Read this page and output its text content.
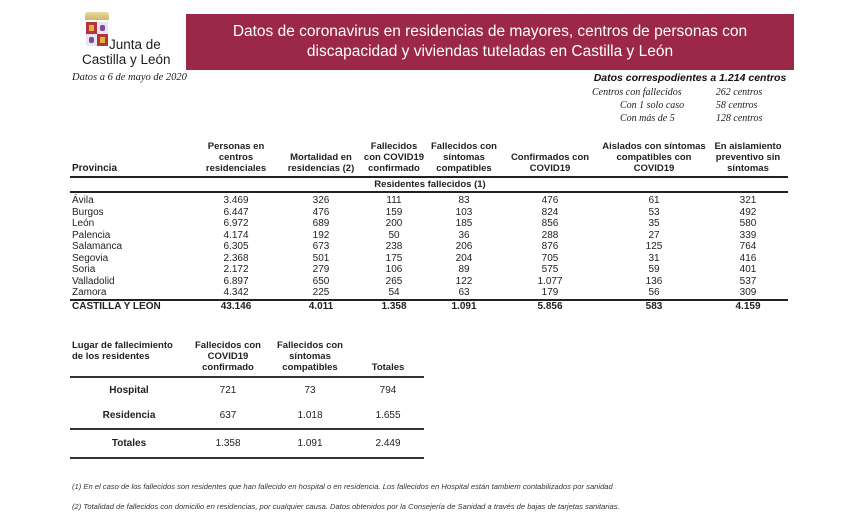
Junta de
Castilla y León
Datos a 6 de mayo de 2020
Datos de coronavirus en residencias de mayores, centros de personas con discapacidad y viviendas tuteladas en Castilla y León
Datos correspodientes a 1.214 centros
Centros con fallecidos	262 centros
Con 1 solo caso	58 centros
Con más de 5	128 centros
Provincia	Personas en centros residenciales	Mortalidad en residencias (2)	Fallecidos con COVID19 confirmado	Fallecidos con síntomas compatibles	Confirmados con COVID19	Aislados con síntomas compatibles con COVID19	En aislamiento preventivo sin síntomas
			Residentes fallecidos (1)				
Ávila	3.469	326	111	83	476	61	321
Burgos	6.447	476	159	103	824	53	492
León	6.972	689	200	185	856	35	580
Palencia	4.174	192	50	36	288	27	339
Salamanca	6.305	673	238	206	876	125	764
Segovia	2.368	501	175	204	705	31	416
Soria	2.172	279	106	89	575	59	401
Valladolid	6.897	650	265	122	1.077	136	537
Zamora	4.342	225	54	63	179	56	309
CASTILLA Y LEÓN	43.146	4.011	1.358	1.091	5.856	583	4.159
Lugar de fallecimiento de los residentes	Fallecidos con COVID19 confirmado	Fallecidos con síntomas compatibles	Totales
Hospital	721	73	794
Residencia	637	1.018	1.655
Totales	1.358	1.091	2.449
(1) En el caso de los fallecidos son residentes que han fallecido en hospital o en residencia. Los fallecidos en Hospital están tambiem contabilizados por sanidad
(2) Totalidad de fallecidos con domicilio en residencias, por cualquier causa. Datos obtenidos por la Consejería de Sanidad a través de bajas de tarjetas sanitarias.
